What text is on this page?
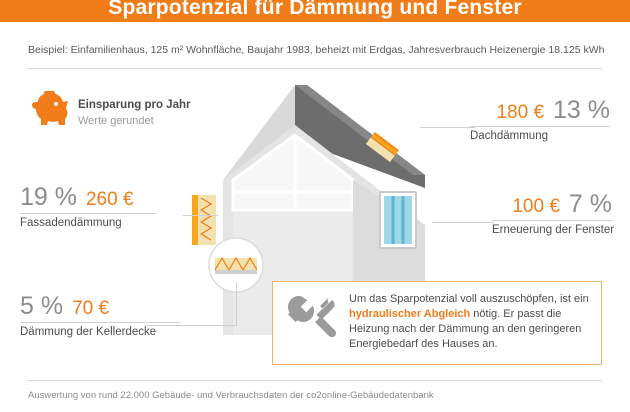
Sparpotenzial für Dämmung und Fenster
Beispiel: Einfamilienhaus, 125 m² Wohnfläche, Baujahr 1983, beheizt mit Erdgas, Jahresverbrauch Heizenergie 18.125 kWh
Einsparung pro Jahr
Werte gerundet	180 € 13 %
Dachdämmung
100 € 7 %
Erneuerung der Fenster
19 % 260 €
Fassadendämmung
5 % 70 €
Dämmung der Kellerdecke
Um das Sparpotenzial voll auszuschöpfen, ist ein hydraulischer Abgleich nötig. Er passt die Heizung nach der Dämmung an den geringeren Energiebedarf des Hauses an.
Auswertung von rund 22.000 Gebäude- und Verbrauchsdaten der co2online-Gebäudedatenbank
